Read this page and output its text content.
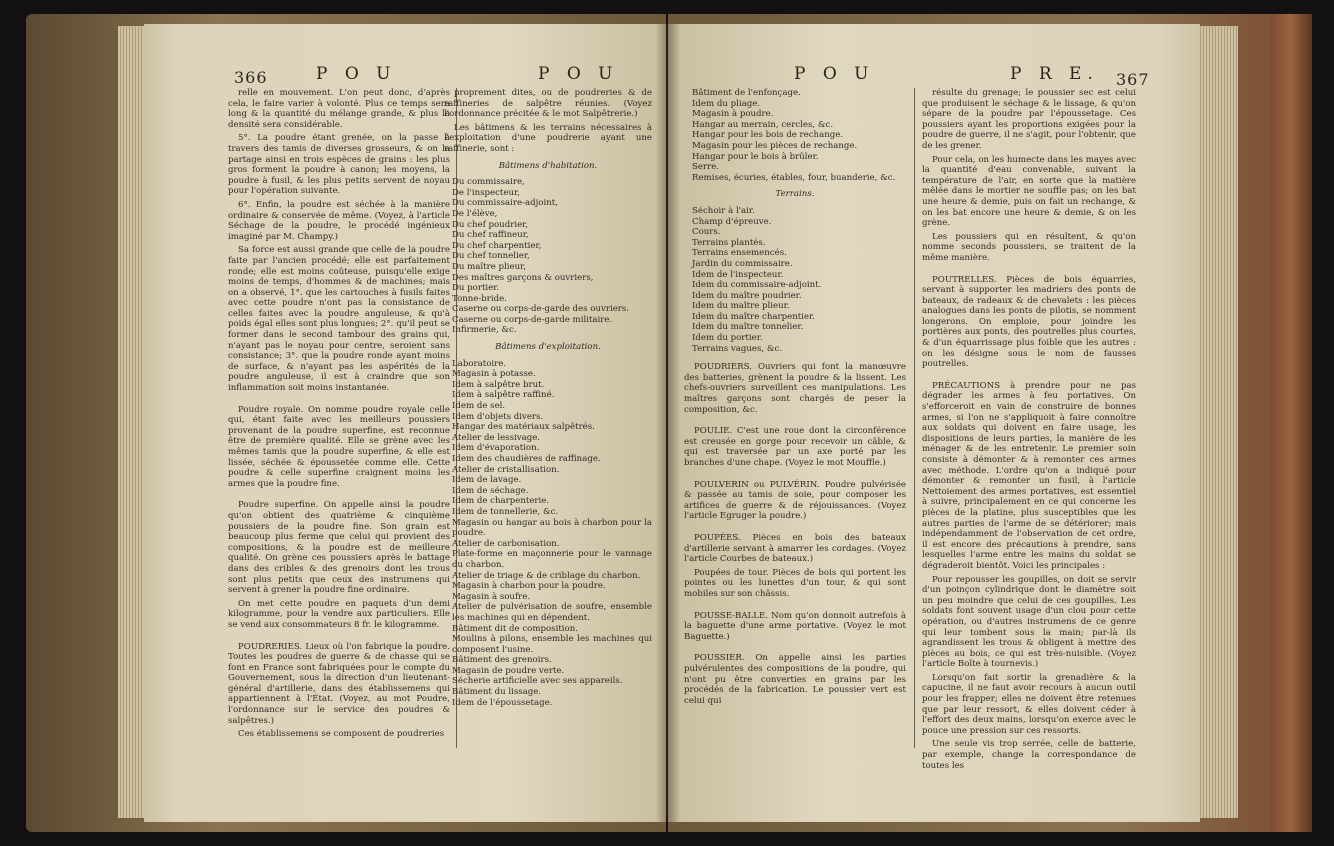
366	P O U	P O U

relle en mouvement. L'on peut donc, d'après cela, le faire varier à volonté. Plus ce temps sera long & la quantité du mélange grande, & plus la densité sera considérable.

5°. La poudre étant grenée, on la passe à travers des tamis de diverses grosseurs, & on la partage ainsi en trois espèces de grains : les plus gros forment la poudre à canon; les moyens, la poudre à fusil, & les plus petits servent de noyau pour l'opération suivante.

6°. Enfin, la poudre est séchée à la manière ordinaire & conservée de même. (Voyez, à l'article Séchage de la poudre, le procédé ingénieux imaginé par M. Champy.)

Sa force est aussi grande que celle de la poudre faite par l'ancien procédé; elle est parfaitement ronde; elle est moins coûteuse, puisqu'elle exige moins de temps, d'hommes & de machines; mais on a observé, 1°. que les cartouches à fusils faites avec cette poudre n'ont pas la consistance de celles faites avec la poudre anguleuse, & qu'à poids égal elles sont plus longues; 2°. qu'il peut se former dans le second tambour des grains qui, n'ayant pas le noyau pour centre, seroient sans consistance; 3°. que la poudre ronde ayant moins de surface, & n'ayant pas les aspérités de la poudre anguleuse, il est à craindre que son inflammation soit moins instantanée.

Poudre royale. On nomme poudre royale celle qui, étant faite avec les meilleurs poussiers provenant de la poudre superfine, est reconnue être de première qualité. Elle se grène avec les mêmes tamis que la poudre superfine, & elle est lissée, séchée & époussetée comme elle. Cette poudre & celle superfine craignent moins les armes que la poudre fine.

Poudre superfine. On appelle ainsi la poudre qu'on obtient des quatrième & cinquième poussiers de la poudre fine. Son grain est beaucoup plus ferme que celui qui provient des compositions, & la poudre est de meilleure qualité. On grène ces poussiers après le battage dans des cribles & des grenoirs dont les trous sont plus petits que ceux des instrumens qui servent à grener la poudre fine ordinaire.

On met cette poudre en paquets d'un demi kilogramme, pour la vendre aux particuliers. Elle se vend aux consommateurs 8 fr. le kilogramme.

POUDRERIES. Lieux où l'on fabrique la poudre. Toutes les poudres de guerre & de chasse qui se font en France sont fabriquées pour le compte du Gouvernement, sous la direction d'un lieutenant-général d'artillerie, dans des établissemens qui appartiennent à l'État. (Voyez, au mot Poudre, l'ordonnance sur le service des poudres & salpêtres.)

Ces établissemens se composent de poudreries

proprement dites, ou de poudreries & de raffineries de salpêtre réunies. (Voyez l'ordonnance précitée & le mot Salpêtrerie.)

Les bâtimens & les terrains nécessaires à l'exploitation d'une poudrerie ayant une raffinerie, sont :

Bâtimens d'habitation.

Du commissaire,

De l'inspecteur,

Du commissaire-adjoint,

De l'élève,

Du chef poudrier,

Du chef raffineur,

Du chef charpentier,

Du chef tonnelier,

Du maître plieur,

Des maîtres garçons & ouvriers,

Du portier.

Tonne-bride.

Caserne ou corps-de-garde des ouvriers.

Caserne ou corps-de-garde militaire.

Infirmerie, &c.

Bâtimens d'exploitation.

Laboratoire.

Magasin à potasse.

Idem à salpêtre brut.

Idem à salpêtre raffiné.

Idem de sel.

Idem d'objets divers.

Hangar des matériaux salpêtrés.

Atelier de lessivage.

Idem d'évaporation.

Idem des chaudières de raffinage.

Atelier de cristallisation.

Idem de lavage.

Idem de séchage.

Idem de charpenterie.

Idem de tonnellerie, &c.

Magasin ou hangar au bois à charbon pour la poudre.

Atelier de carbonisation.

Plate-forme en maçonnerie pour le vannage du charbon.

Atelier de triage & de criblage du charbon.

Magasin à charbon pour la poudre.

Magasin à soufre.

Atelier de pulvérisation de soufre, ensemble les machines qui en dépendent.

Bâtiment dit de composition.

Moulins à pilons, ensemble les machines qui composent l'usine.

Bâtiment des grenoirs.

Magasin de poudre verte.

Sécherie artificielle avec ses appareils.

Bâtiment du lissage.

Idem de l'époussetage.

P O U	P R E. 367

Bâtiment de l'enfonçage.

Idem du pliage.

Magasin à poudre.

Hangar au merrain, cercles, &c.

Hangar pour les bois de rechange.

Magasin pour les pièces de rechange.

Hangar pour le bois à brûler.

Serre.

Remises, écuries, étables, four, buanderie, &c.

Terrains.

Séchoir à l'air.

Champ d'épreuve.

Cours.

Terrains plantés.

Terrains ensemencés.

Jardin du commissaire.

Idem de l'inspecteur.

Idem du commissaire-adjoint.

Idem du maître poudrier.

Idem du maître plieur.

Idem du maître charpentier.

Idem du maître tonnelier.

Idem du portier.

Terrains vagues, &c.

POUDRIERS. Ouvriers qui font la manœuvre des batteries, grènent la poudre & la lissent. Les chefs-ouvriers surveillent ces manipulations. Les maîtres garçons sont chargés de peser la composition, &c.

POULIE. C'est une roue dont la circonférence est creusée en gorge pour recevoir un câble, & qui est traversée par un axe porté par les branches d'une chape. (Voyez le mot Mouffle.)

POULVERIN ou PULVÉRIN. Poudre pulvérisée & passée au tamis de soie, pour composer les artifices de guerre & de réjouissances. (Voyez l'article Egruger la poudre.)

POUPÉES. Pièces en bois des bateaux d'artillerie servant à amarrer les cordages. (Voyez l'article Courbes de bateaux.)

Poupées de tour. Pièces de bois qui portent les pointes ou les lunettes d'un tour, & qui sont mobiles sur son châssis.

POUSSE-BALLE. Nom qu'on donnoit autrefois à la baguette d'une arme portative. (Voyez le mot Baguette.)

POUSSIER. On appelle ainsi les parties pulvérulentes des compositions de la poudre, qui n'ont pu être converties en grains par les procédés de la fabrication. Le poussier vert est celui qui

résulte du grenage; le poussier sec est celui que produisent le séchage & le lissage, & qu'on sépare de la poudre par l'époussetage. Ces poussiers ayant les proportions exigées pour la poudre de guerre, il ne s'agit, pour l'obtenir, que de les grener.

Pour cela, on les humecte dans les mayes avec la quantité d'eau convenable, suivant la température de l'air, en sorte que la matière mêlée dans le mortier ne souffle pas; on les bat une heure & demie, puis on fait un rechange, & on les bat encore une heure & demie, & on les grène.

Les poussiers qui en résultent, & qu'on nomme seconds poussiers, se traitent de la même manière.

POUTRELLES. Pièces de bois équarries, servant à supporter les madriers des ponts de bateaux, de radeaux & de chevalets : les pièces analogues dans les ponts de pilotis, se nomment longerons. On emploie, pour joindre les portières aux ponts, des poutrelles plus courtes, & d'un équarrissage plus foible que les autres : on les désigne sous le nom de fausses poutrelles.

PRÉCAUTIONS à prendre pour ne pas dégrader les armes à feu portatives. On s'efforceroit en vain de construire de bonnes armes, si l'on ne s'appliquoit à faire connoître aux soldats qui doivent en faire usage, les dispositions de leurs parties, la manière de les ménager & de les entretenir. Le premier soin consiste à démonter & à remonter ces armes avec méthode. L'ordre qu'on a indiqué pour démonter & remonter un fusil, à l'article Nettoiement des armes portatives, est essentiel à suivre, principalement en ce qui concerne les pièces de la platine, plus susceptibles que les autres parties de l'arme de se détériorer; mais indépendamment de l'observation de cet ordre, il est encore des précautions à prendre, sans lesquelles l'arme entre les mains du soldat se dégraderoit bientôt. Voici les principales :

Pour repousser les goupilles, on doit se servir d'un poinçon cylindrique dont le diamètre soit un peu moindre que celui de ces goupilles. Les soldats font souvent usage d'un clou pour cette opération, ou d'autres instrumens de ce genre qui leur tombent sous la main; par-là ils agrandissent les trous & obligent à mettre des pièces au bois, ce qui est très-nuisible. (Voyez l'article Boîte à tournevis.)

Lorsqu'on fait sortir la grenadière & la capucine, il ne faut avoir recours à aucun outil pour les frapper; elles ne doivent être retenues que par leur ressort, & elles doivent céder à l'effort des deux mains, lorsqu'on exerce avec le pouce une pression sur ces ressorts.

Une seule vis trop serrée, celle de batterie, par exemple, change la correspondance de toutes les
